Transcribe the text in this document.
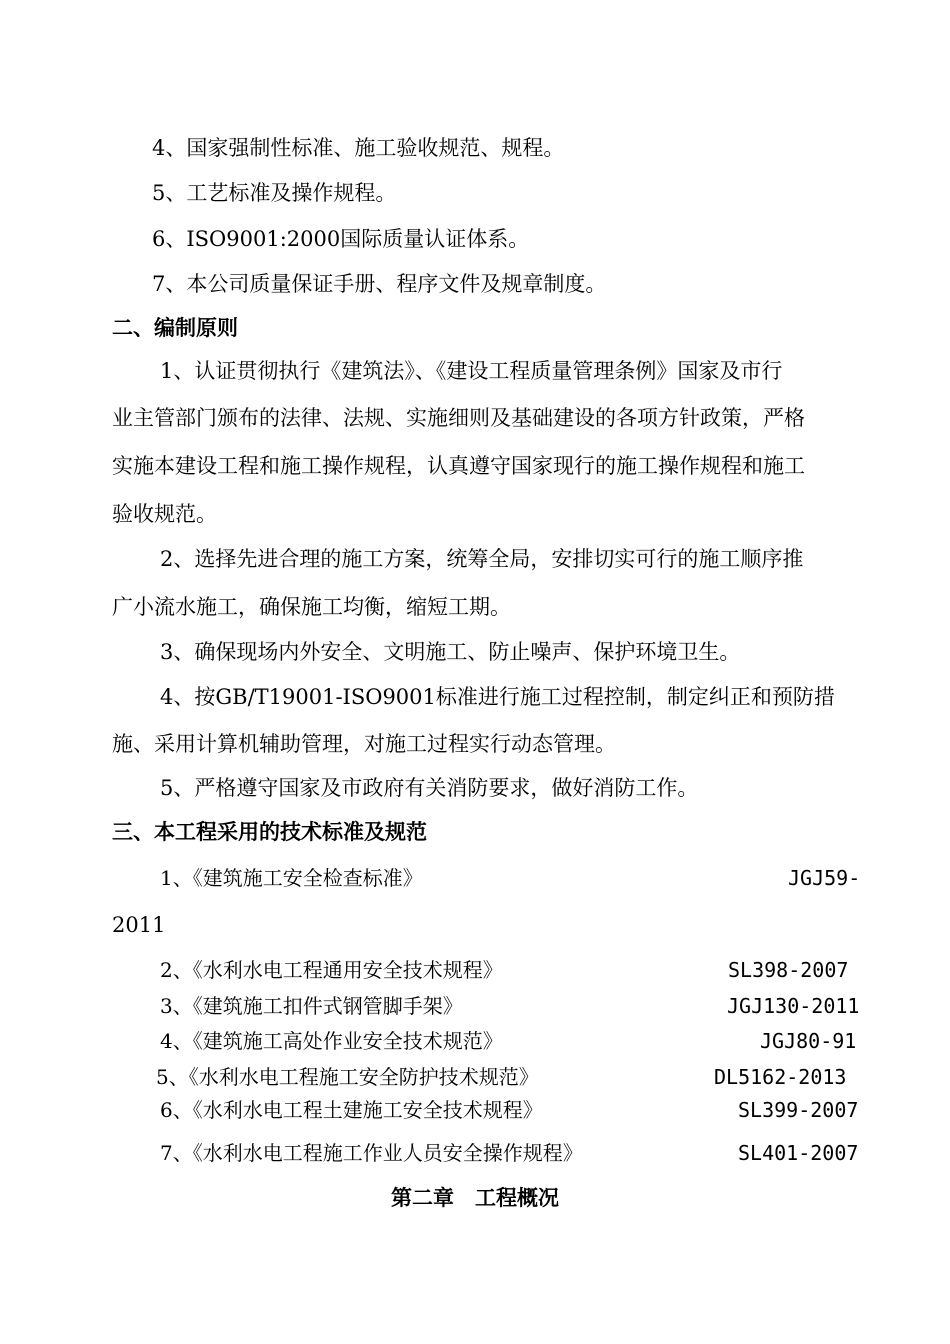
4、国家强制性标准、施工验收规范、规程。
5、工艺标准及操作规程。
6、ISO9001:2000国际质量认证体系。
7、本公司质量保证手册、程序文件及规章制度。
二、编制原则
1、认证贯彻执行《建筑法》、《建设工程质量管理条例》国家及市行
业主管部门颁布的法律、法规、实施细则及基础建设的各项方针政策，严格
实施本建设工程和施工操作规程，认真遵守国家现行的施工操作规程和施工
验收规范。
2、选择先进合理的施工方案，统筹全局，安排切实可行的施工顺序推
广小流水施工，确保施工均衡，缩短工期。
3、确保现场内外安全、文明施工、防止噪声、保护环境卫生。
4、按GB/T19001-ISO9001标准进行施工过程控制，制定纠正和预防措
施、采用计算机辅助管理，对施工过程实行动态管理。
5、严格遵守国家及市政府有关消防要求，做好消防工作。
三、本工程采用的技术标准及规范
1、《建筑施工安全检查标准》	JGJ59-
2011
2、《水利水电工程通用安全技术规程》	SL398-2007
3、《建筑施工扣件式钢管脚手架》	JGJ130-2011
4、《建筑施工高处作业安全技术规范》	JGJ80-91
5、《水利水电工程施工安全防护技术规范》	DL5162-2013
6、《水利水电工程土建施工安全技术规程》	SL399-2007
7、《水利水电工程施工作业人员安全操作规程》	SL401-2007
第二章　工程概况
